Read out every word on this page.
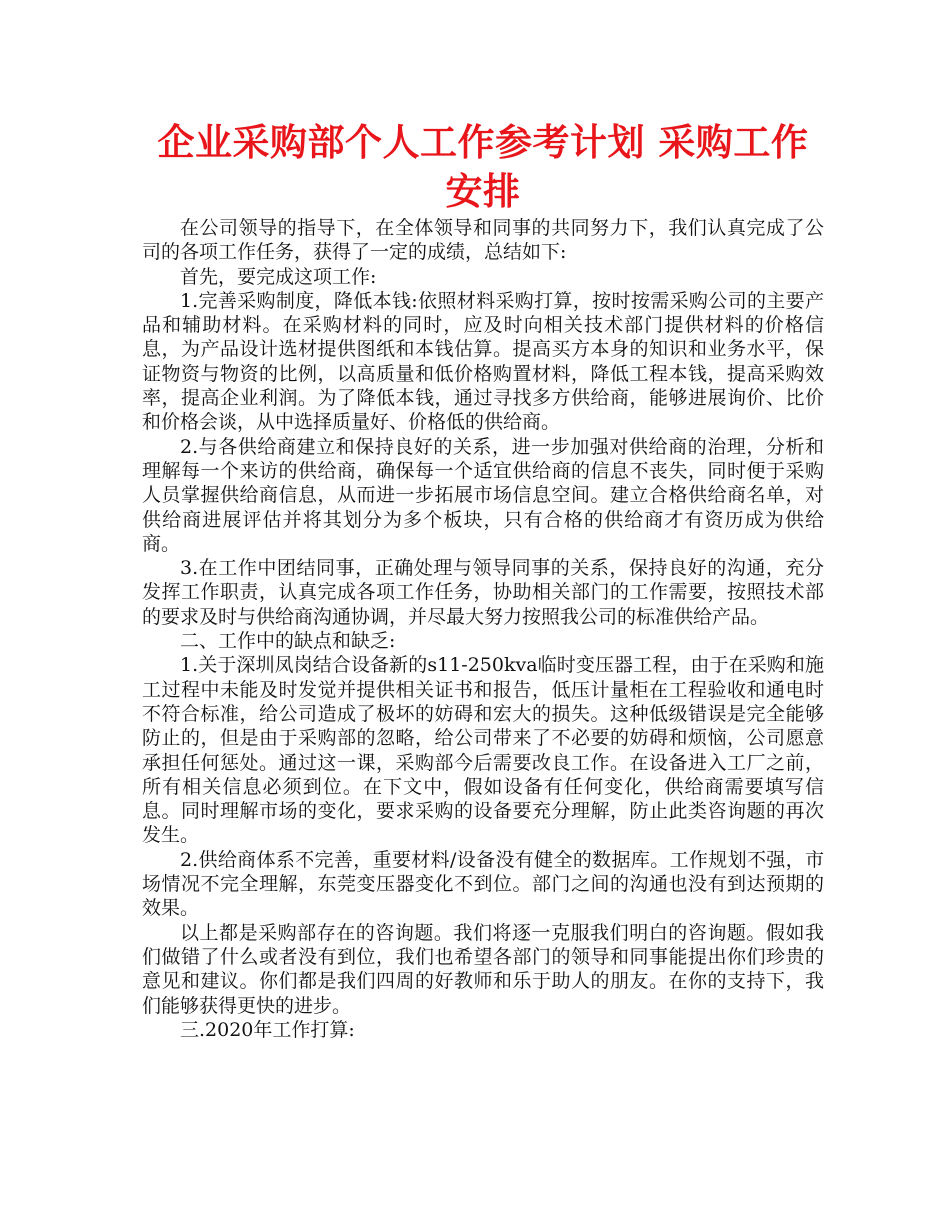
企业采购部个人工作参考计划 采购工作安排

在公司领导的指导下，在全体领导和同事的共同努力下，我们认真完成了公司的各项工作任务，获得了一定的成绩，总结如下:

首先，要完成这项工作:

1.完善采购制度，降低本钱:依照材料采购打算，按时按需采购公司的主要产品和辅助材料。在采购材料的同时，应及时向相关技术部门提供材料的价格信息，为产品设计选材提供图纸和本钱估算。提高买方本身的知识和业务水平，保证物资与物资的比例，以高质量和低价格购置材料，降低工程本钱，提高采购效率，提高企业利润。为了降低本钱，通过寻找多方供给商，能够进展询价、比价和价格会谈，从中选择质量好、价格低的供给商。

2.与各供给商建立和保持良好的关系，进一步加强对供给商的治理，分析和理解每一个来访的供给商，确保每一个适宜供给商的信息不丧失，同时便于采购人员掌握供给商信息，从而进一步拓展市场信息空间。建立合格供给商名单，对供给商进展评估并将其划分为多个板块，只有合格的供给商才有资历成为供给商。

3.在工作中团结同事，正确处理与领导同事的关系，保持良好的沟通，充分发挥工作职责，认真完成各项工作任务，协助相关部门的工作需要，按照技术部的要求及时与供给商沟通协调，并尽最大努力按照我公司的标准供给产品。

二、工作中的缺点和缺乏:

1.关于深圳凤岗结合设备新的s11-250kva临时变压器工程，由于在采购和施工过程中未能及时发觉并提供相关证书和报告，低压计量柜在工程验收和通电时不符合标准，给公司造成了极坏的妨碍和宏大的损失。这种低级错误是完全能够防止的，但是由于采购部的忽略，给公司带来了不必要的妨碍和烦恼，公司愿意承担任何惩处。通过这一课，采购部今后需要改良工作。在设备进入工厂之前，所有相关信息必须到位。在下文中，假如设备有任何变化，供给商需要填写信息。同时理解市场的变化，要求采购的设备要充分理解，防止此类咨询题的再次发生。

2.供给商体系不完善，重要材料/设备没有健全的数据库。工作规划不强，市场情况不完全理解，东莞变压器变化不到位。部门之间的沟通也没有到达预期的效果。

以上都是采购部存在的咨询题。我们将逐一克服我们明白的咨询题。假如我们做错了什么或者没有到位，我们也希望各部门的领导和同事能提出你们珍贵的意见和建议。你们都是我们四周的好教师和乐于助人的朋友。在你的支持下，我们能够获得更快的进步。

三.2020年工作打算:
